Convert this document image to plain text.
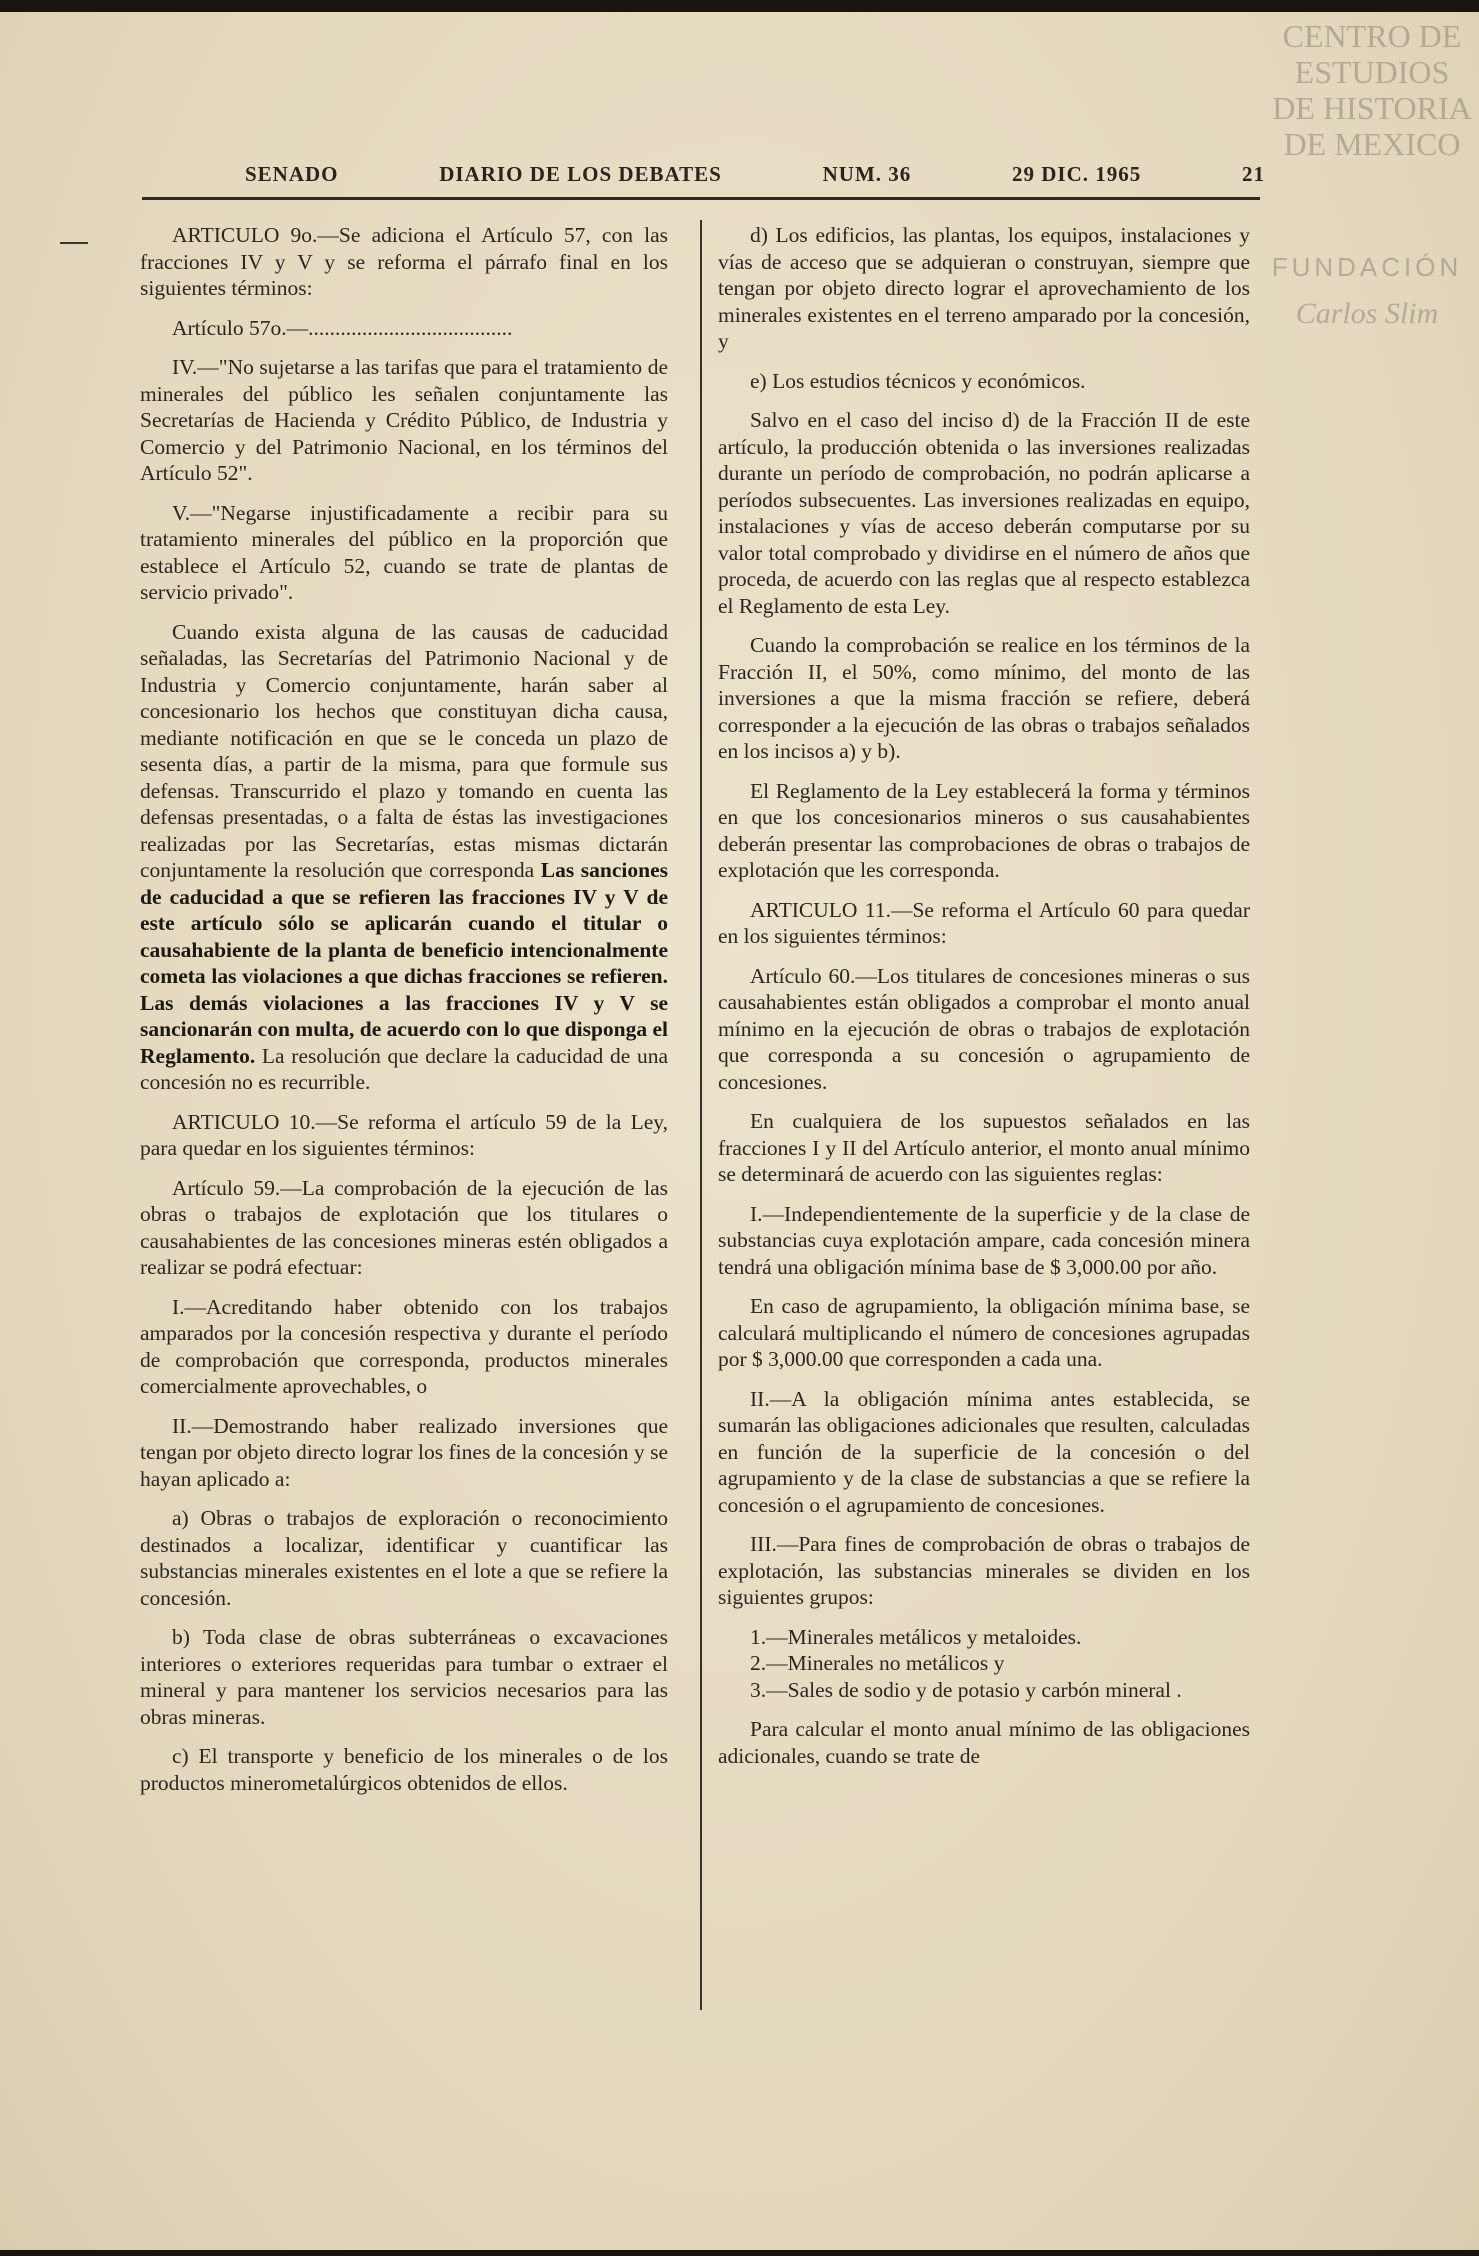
CENTRO DE
ESTUDIOS
DE HISTORIA
DE MEXICO
FUNDACIÓN
Carlos Slim
SENADO	DIARIO DE LOS DEBATES	NUM. 36	29 DIC. 1965	21

ARTICULO 9o.—Se adiciona el Artículo 57, con las fracciones IV y V y se reforma el párrafo final en los siguientes términos:

Artículo 57o.—......................................

IV.—"No sujetarse a las tarifas que para el tratamiento de minerales del público les señalen conjuntamente las Secretarías de Hacienda y Crédito Público, de Industria y Comercio y del Patrimonio Nacional, en los términos del Artículo 52".

V.—"Negarse injustificadamente a recibir para su tratamiento minerales del público en la proporción que establece el Artículo 52, cuando se trate de plantas de servicio privado".

Cuando exista alguna de las causas de caducidad señaladas, las Secretarías del Patrimonio Nacional y de Industria y Comercio conjuntamente, harán saber al concesionario los hechos que constituyan dicha causa, mediante notificación en que se le conceda un plazo de sesenta días, a partir de la misma, para que formule sus defensas. Transcurrido el plazo y tomando en cuenta las defensas presentadas, o a falta de éstas las investigaciones realizadas por las Secretarías, estas mismas dictarán conjuntamente la resolución que corresponda Las sanciones de caducidad a que se refieren las fracciones IV y V de este artículo sólo se aplicarán cuando el titular o causahabiente de la planta de beneficio intencionalmente cometa las violaciones a que dichas fracciones se refieren. Las demás violaciones a las fracciones IV y V se sancionarán con multa, de acuerdo con lo que disponga el Reglamento. La resolución que declare la caducidad de una concesión no es recurrible.

ARTICULO 10.—Se reforma el artículo 59 de la Ley, para quedar en los siguientes términos:

Artículo 59.—La comprobación de la ejecución de las obras o trabajos de explotación que los titulares o causahabientes de las concesiones mineras estén obligados a realizar se podrá efectuar:

I.—Acreditando haber obtenido con los trabajos amparados por la concesión respectiva y durante el período de comprobación que corresponda, productos minerales comercialmente aprovechables, o

II.—Demostrando haber realizado inversiones que tengan por objeto directo lograr los fines de la concesión y se hayan aplicado a:

a) Obras o trabajos de exploración o reconocimiento destinados a localizar, identificar y cuantificar las substancias minerales existentes en el lote a que se refiere la concesión.

b) Toda clase de obras subterráneas o excavaciones interiores o exteriores requeridas para tumbar o extraer el mineral y para mantener los servicios necesarios para las obras mineras.

c) El transporte y beneficio de los minerales o de los productos minerometalúrgicos obtenidos de ellos.

d) Los edificios, las plantas, los equipos, instalaciones y vías de acceso que se adquieran o construyan, siempre que tengan por objeto directo lograr el aprovechamiento de los minerales existentes en el terreno amparado por la concesión, y

e) Los estudios técnicos y económicos.

Salvo en el caso del inciso d) de la Fracción II de este artículo, la producción obtenida o las inversiones realizadas durante un período de comprobación, no podrán aplicarse a períodos subsecuentes. Las inversiones realizadas en equipo, instalaciones y vías de acceso deberán computarse por su valor total comprobado y dividirse en el número de años que proceda, de acuerdo con las reglas que al respecto establezca el Reglamento de esta Ley.

Cuando la comprobación se realice en los términos de la Fracción II, el 50%, como mínimo, del monto de las inversiones a que la misma fracción se refiere, deberá corresponder a la ejecución de las obras o trabajos señalados en los incisos a) y b).

El Reglamento de la Ley establecerá la forma y términos en que los concesionarios mineros o sus causahabientes deberán presentar las comprobaciones de obras o trabajos de explotación que les corresponda.

ARTICULO 11.—Se reforma el Artículo 60 para quedar en los siguientes términos:

Artículo 60.—Los titulares de concesiones mineras o sus causahabientes están obligados a comprobar el monto anual mínimo en la ejecución de obras o trabajos de explotación que corresponda a su concesión o agrupamiento de concesiones.

En cualquiera de los supuestos señalados en las fracciones I y II del Artículo anterior, el monto anual mínimo se determinará de acuerdo con las siguientes reglas:

I.—Independientemente de la superficie y de la clase de substancias cuya explotación ampare, cada concesión minera tendrá una obligación mínima base de $ 3,000.00 por año.

En caso de agrupamiento, la obligación mínima base, se calculará multiplicando el número de concesiones agrupadas por $ 3,000.00 que corresponden a cada una.

II.—A la obligación mínima antes establecida, se sumarán las obligaciones adicionales que resulten, calculadas en función de la superficie de la concesión o del agrupamiento y de la clase de substancias a que se refiere la concesión o el agrupamiento de concesiones.

III.—Para fines de comprobación de obras o trabajos de explotación, las substancias minerales se dividen en los siguientes grupos:

1.—Minerales metálicos y metaloides.

2.—Minerales no metálicos y

3.—Sales de sodio y de potasio y carbón mineral .

Para calcular el monto anual mínimo de las obligaciones adicionales, cuando se trate de
